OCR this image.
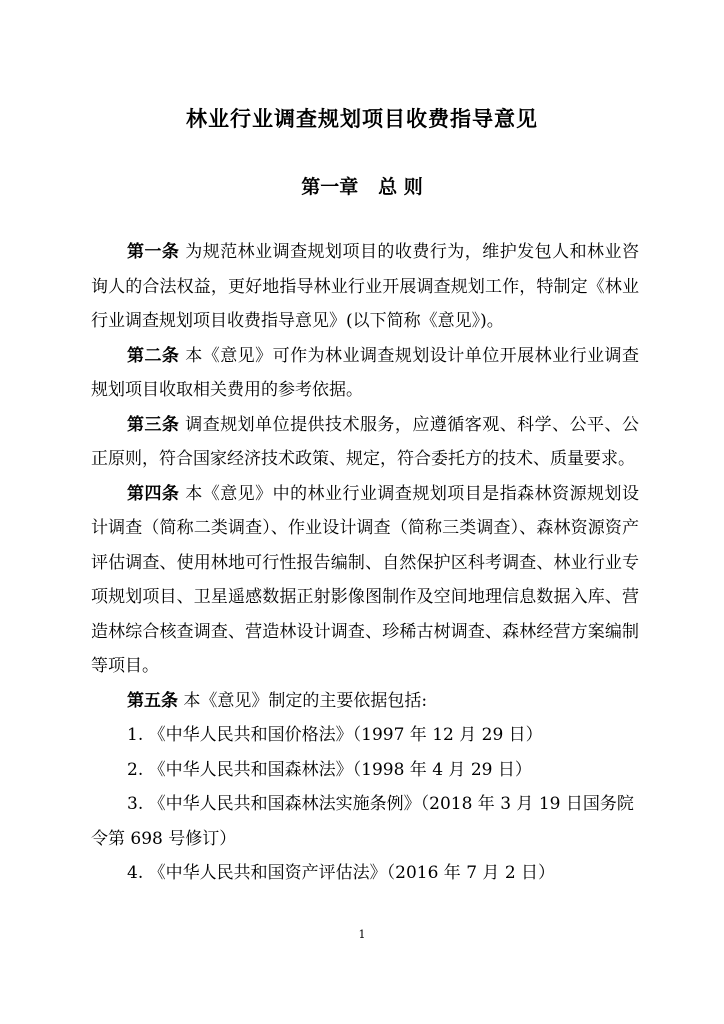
林业行业调查规划项目收费指导意见
第一章   总 则

第一条 为规范林业调查规划项目的收费行为，维护发包人和林业咨询人的合法权益，更好地指导林业行业开展调查规划工作，特制定《林业行业调查规划项目收费指导意见》(以下简称《意见》)。

第二条 本《意见》可作为林业调查规划设计单位开展林业行业调查规划项目收取相关费用的参考依据。

第三条 调查规划单位提供技术服务，应遵循客观、科学、公平、公正原则，符合国家经济技术政策、规定，符合委托方的技术、质量要求。

第四条 本《意见》中的林业行业调查规划项目是指森林资源规划设计调查（简称二类调查）、作业设计调查（简称三类调查）、森林资源资产评估调查、使用林地可行性报告编制、自然保护区科考调查、林业行业专项规划项目、卫星遥感数据正射影像图制作及空间地理信息数据入库、营造林综合核查调查、营造林设计调查、珍稀古树调查、森林经营方案编制等项目。

第五条 本《意见》制定的主要依据包括:

1. 《中华人民共和国价格法》（1997 年 12 月 29 日）

2. 《中华人民共和国森林法》（1998 年 4 月 29 日）

3. 《中华人民共和国森林法实施条例》（2018 年 3 月 19 日国务院令第 698 号修订）

4. 《中华人民共和国资产评估法》（2016 年 7 月 2 日）

1
